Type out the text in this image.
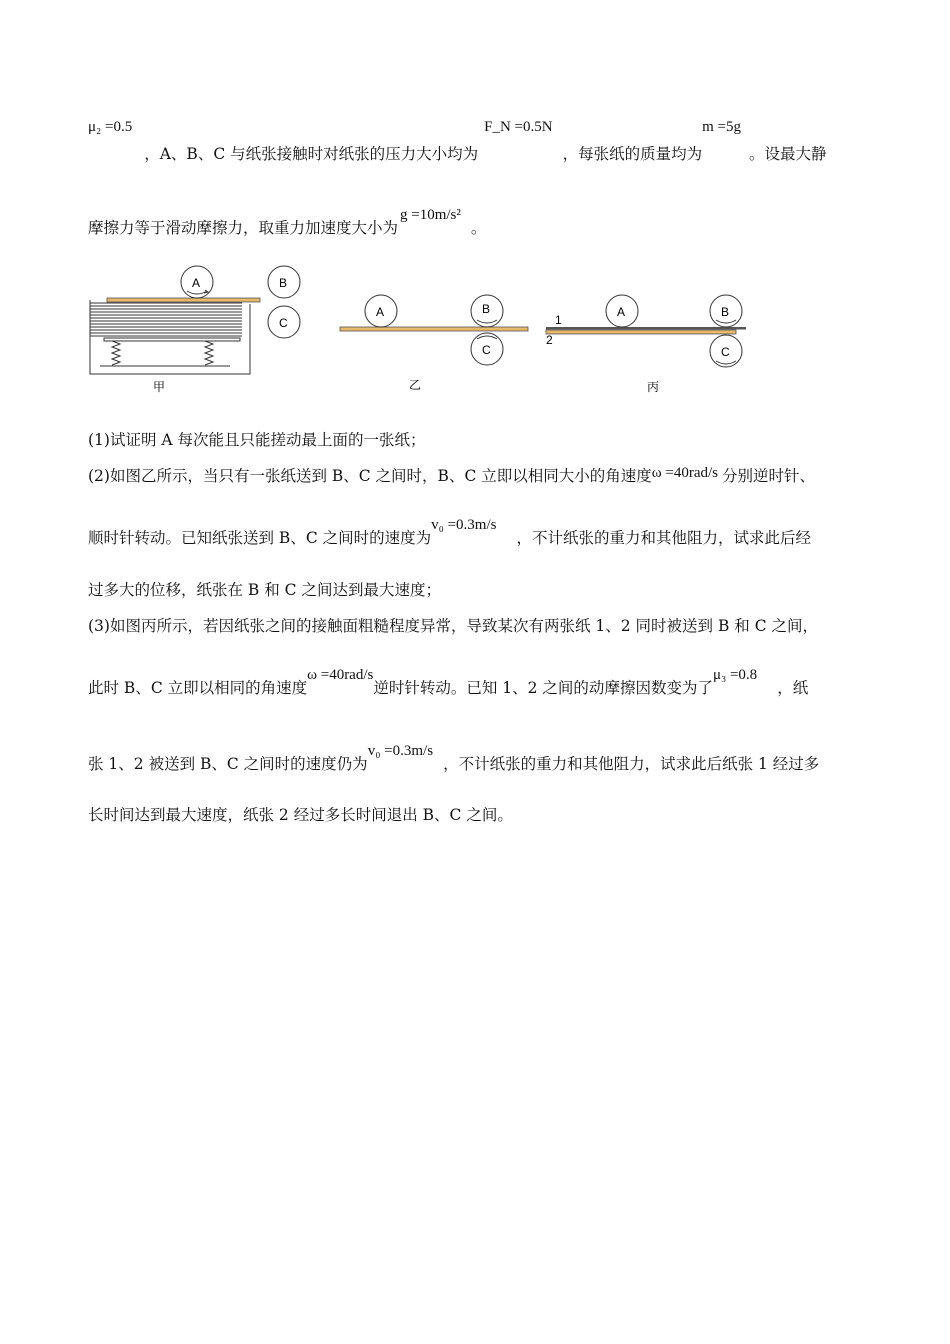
μ₂ =0.5，A、B、C 与纸张接触时对纸张的压力大小均为F_N =0.5N，每张纸的质量均为m =5g。设最大静
摩擦力等于滑动摩擦力，取重力加速度大小为g =10m/s²。
A	B
C
A	B
C
A	B
C
1
2
甲	乙	丙
(1)试证明 A 每次能且只能搓动最上面的一张纸；
(2)如图乙所示，当只有一张纸送到 B、C 之间时，B、C 立即以相同大小的角速度ω =40rad/s 分别逆时针、
顺时针转动。已知纸张送到 B、C 之间时的速度为v₀ =0.3m/s，不计纸张的重力和其他阻力，试求此后经
过多大的位移，纸张在 B 和 C 之间达到最大速度；
(3)如图丙所示，若因纸张之间的接触面粗糙程度异常，导致某次有两张纸 1、2 同时被送到 B 和 C 之间，
此时 B、C 立即以相同的角速度ω =40rad/s逆时针转动。已知 1、2 之间的动摩擦因数变为了μ₃ =0.8，纸
张 1、2 被送到 B、C 之间时的速度仍为v₀ =0.3m/s，不计纸张的重力和其他阻力，试求此后纸张 1 经过多
长时间达到最大速度，纸张 2 经过多长时间退出 B、C 之间。
